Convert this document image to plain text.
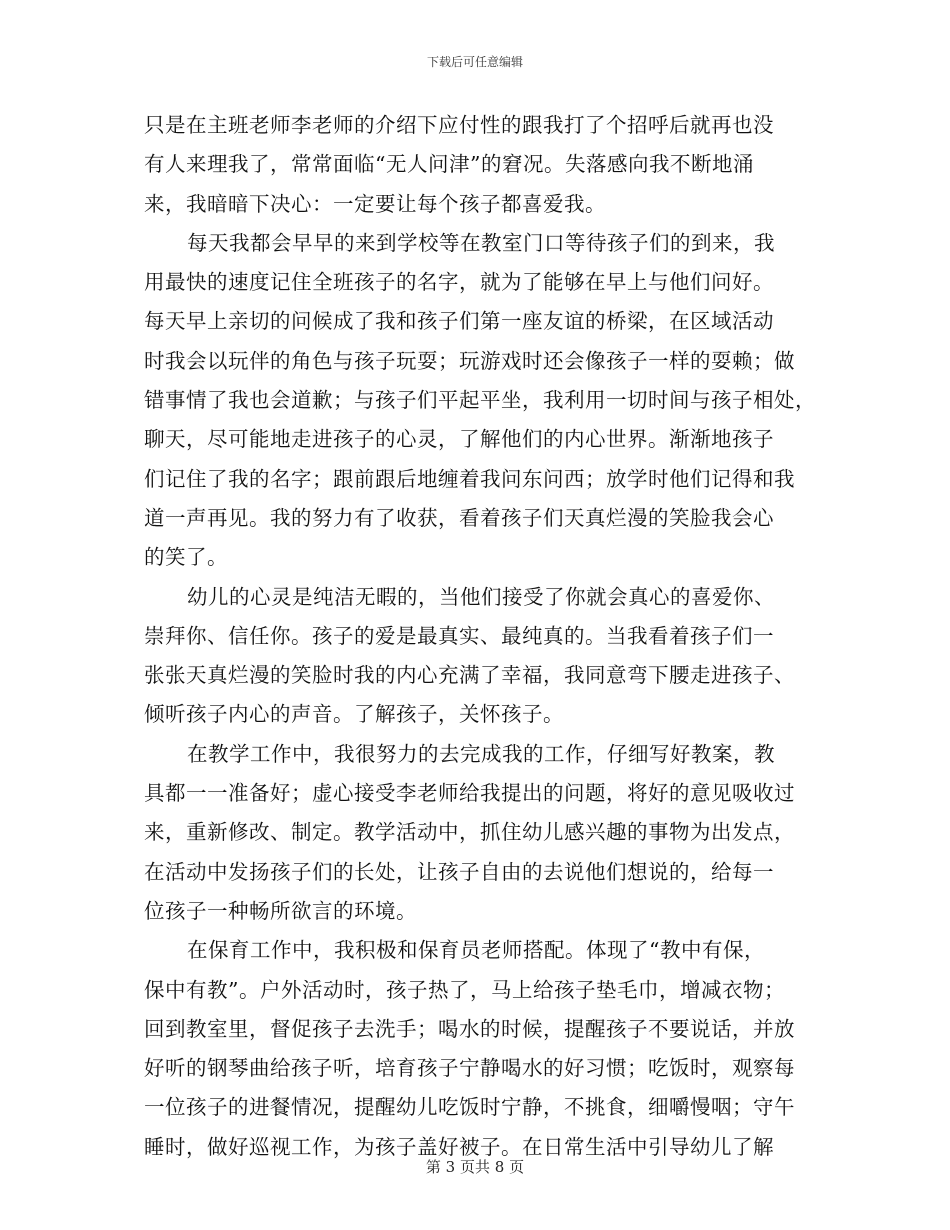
下载后可任意编辑

只是在主班老师李老师的介绍下应付性的跟我打了个招呼后就再也没
有人来理我了，常常面临“无人问津”的窘况。失落感向我不断地涌
来，我暗暗下决心：一定要让每个孩子都喜爱我。

每天我都会早早的来到学校等在教室门口等待孩子们的到来，我
用最快的速度记住全班孩子的名字，就为了能够在早上与他们问好。
每天早上亲切的问候成了我和孩子们第一座友谊的桥梁，在区域活动
时我会以玩伴的角色与孩子玩耍；玩游戏时还会像孩子一样的耍赖；做
错事情了我也会道歉；与孩子们平起平坐，我利用一切时间与孩子相处，
聊天，尽可能地走进孩子的心灵，了解他们的内心世界。渐渐地孩子
们记住了我的名字；跟前跟后地缠着我问东问西；放学时他们记得和我
道一声再见。我的努力有了收获，看着孩子们天真烂漫的笑脸我会心
的笑了。

幼儿的心灵是纯洁无暇的，当他们接受了你就会真心的喜爱你、
崇拜你、信任你。孩子的爱是最真实、最纯真的。当我看着孩子们一
张张天真烂漫的笑脸时我的内心充满了幸福，我同意弯下腰走进孩子、
倾听孩子内心的声音。了解孩子，关怀孩子。

在教学工作中，我很努力的去完成我的工作，仔细写好教案，教
具都一一准备好；虚心接受李老师给我提出的问题，将好的意见吸收过
来，重新修改、制定。教学活动中，抓住幼儿感兴趣的事物为出发点，
在活动中发扬孩子们的长处，让孩子自由的去说他们想说的，给每一
位孩子一种畅所欲言的环境。

在保育工作中，我积极和保育员老师搭配。体现了“教中有保，
保中有教”。户外活动时，孩子热了，马上给孩子垫毛巾，增减衣物；
回到教室里，督促孩子去洗手；喝水的时候，提醒孩子不要说话，并放
好听的钢琴曲给孩子听，培育孩子宁静喝水的好习惯；吃饭时，观察每
一位孩子的进餐情况，提醒幼儿吃饭时宁静，不挑食，细嚼慢咽；守午
睡时，做好巡视工作，为孩子盖好被子。在日常生活中引导幼儿了解

第 3 页共 8 页
